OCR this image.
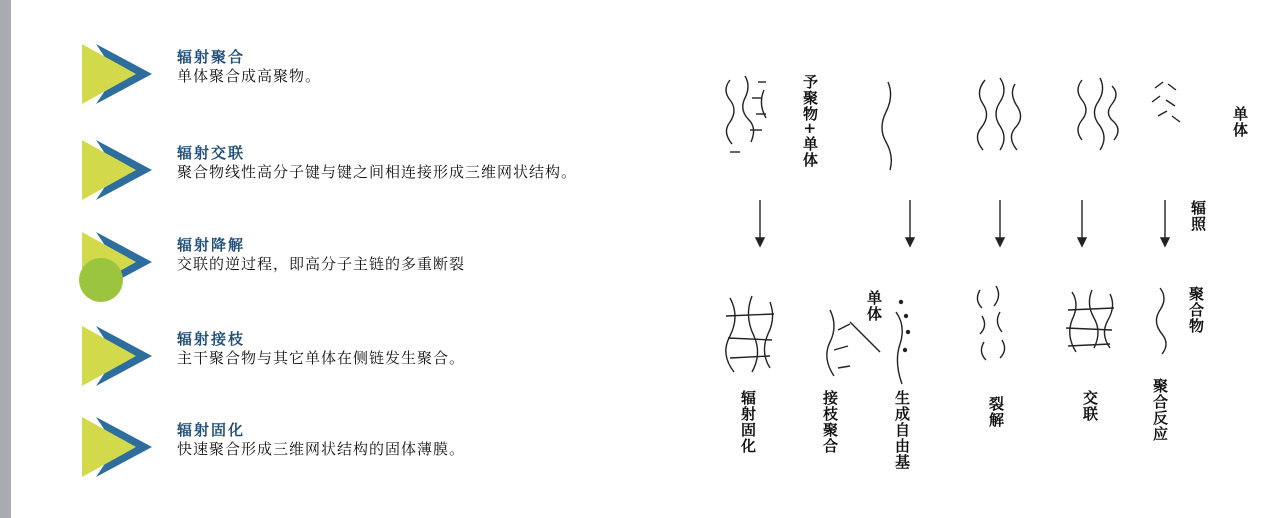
辐射聚合
单体聚合成高聚物。
辐射交联
聚合物线性高分子键与键之间相连接形成三维网状结构。
辐射降解
交联的逆过程，即高分子主链的多重断裂
辐射接枝
主干聚合物与其它单体在侧链发生聚合。
辐射固化
快速聚合形成三维网状结构的固体薄膜。
单体
予聚物+单体
辐照
聚合物
单体
聚合反应
交联
裂解
生成自由基
接枝聚合
辐射固化
